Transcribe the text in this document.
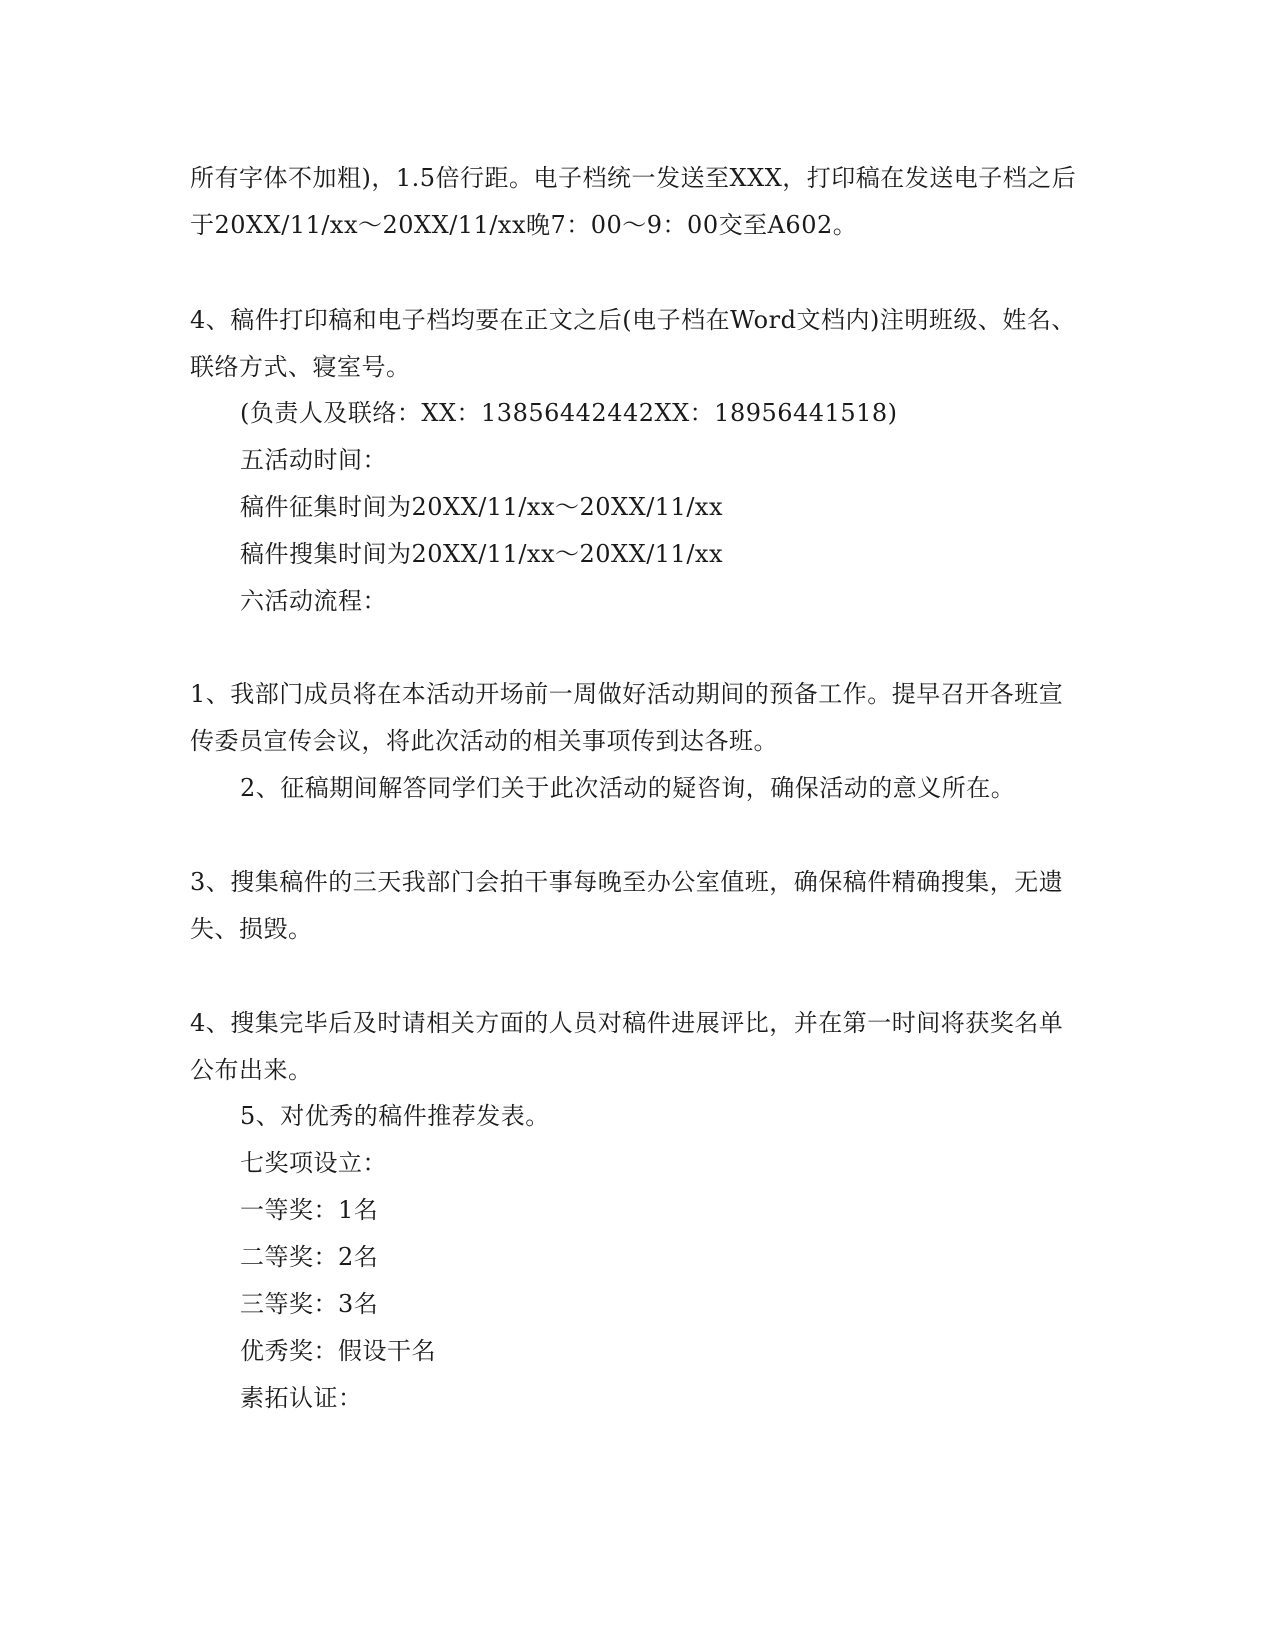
所有字体不加粗)，1.5倍行距。电子档统一发送至XXX，打印稿在发送电子档之后
于20XX/11/xx～20XX/11/xx晚7：00～9：00交至A602。
4、稿件打印稿和电子档均要在正文之后(电子档在Word文档内)注明班级、姓名、
联络方式、寝室号。
(负责人及联络：XX：13856442442XX：18956441518)
五活动时间：
稿件征集时间为20XX/11/xx～20XX/11/xx
稿件搜集时间为20XX/11/xx～20XX/11/xx
六活动流程：
1、我部门成员将在本活动开场前一周做好活动期间的预备工作。提早召开各班宣
传委员宣传会议，将此次活动的相关事项传到达各班。
2、征稿期间解答同学们关于此次活动的疑咨询，确保活动的意义所在。
3、搜集稿件的三天我部门会拍干事每晚至办公室值班，确保稿件精确搜集，无遗
失、损毁。
4、搜集完毕后及时请相关方面的人员对稿件进展评比，并在第一时间将获奖名单
公布出来。
5、对优秀的稿件推荐发表。
七奖项设立：
一等奖：1名
二等奖：2名
三等奖：3名
优秀奖：假设干名
素拓认证：
